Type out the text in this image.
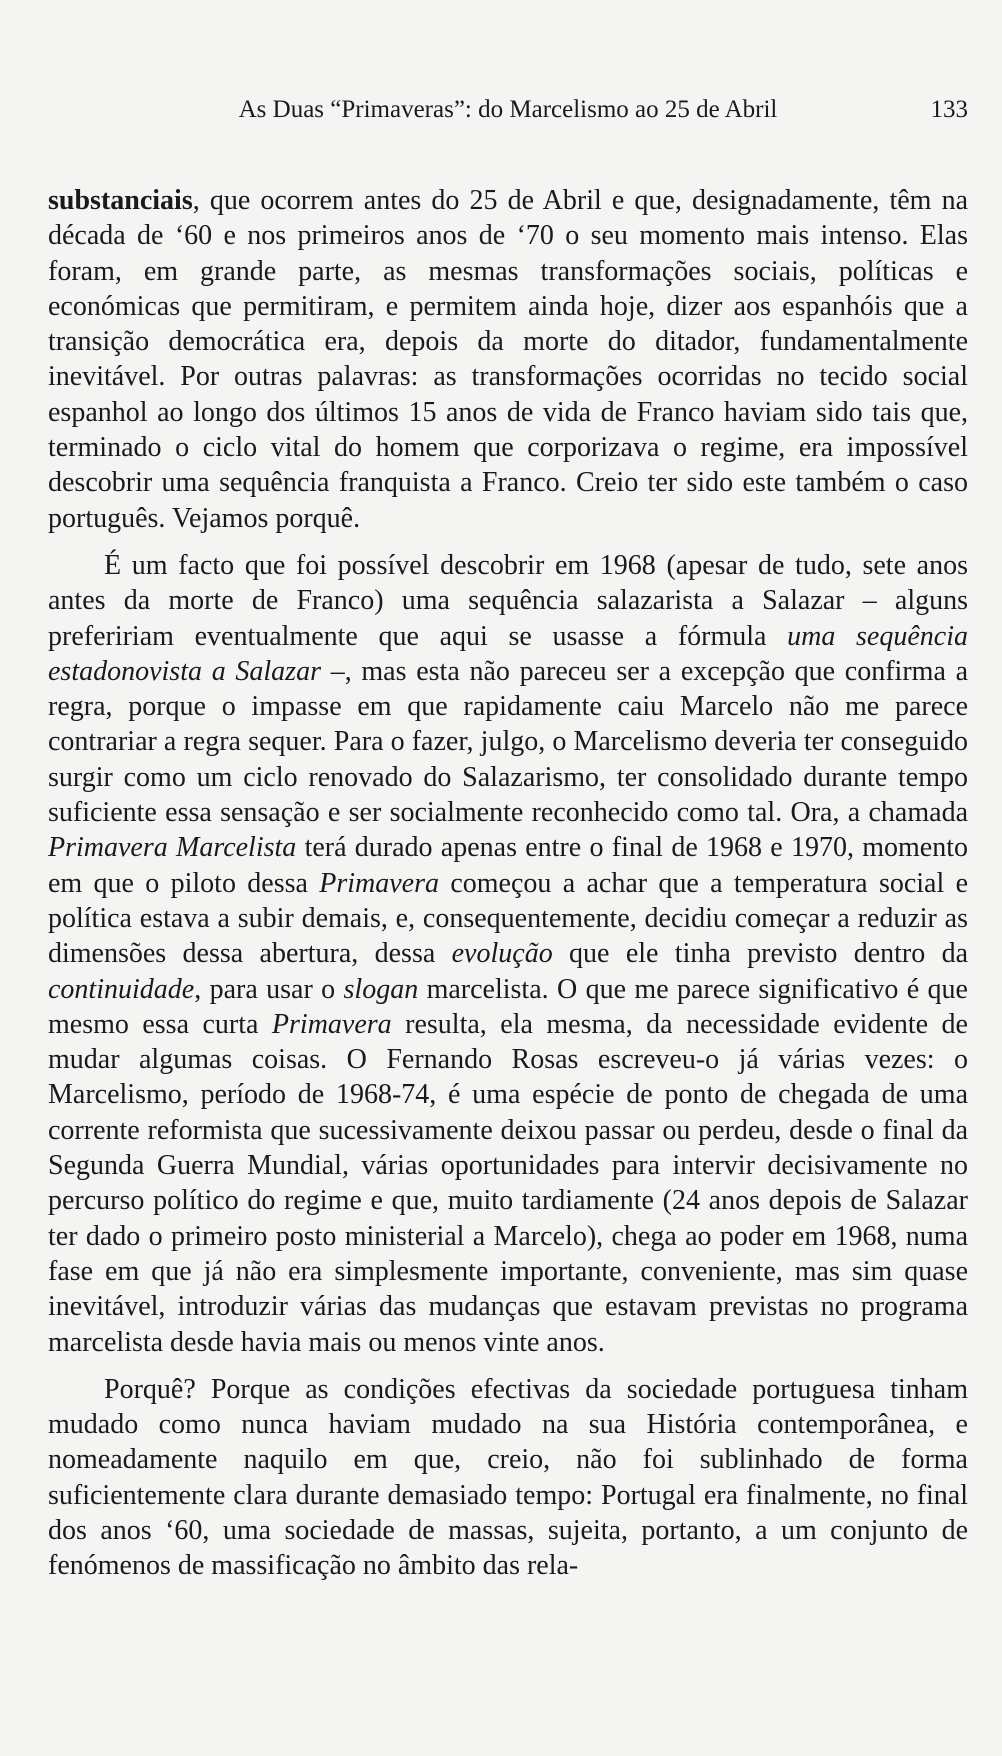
As Duas “Primaveras”: do Marcelismo ao 25 de Abril	133

substanciais, que ocorrem antes do 25 de Abril e que, designadamente, têm na década de ‘60 e nos primeiros anos de ‘70 o seu momento mais intenso. Elas foram, em grande parte, as mesmas transformações sociais, políticas e económicas que permitiram, e permitem ainda hoje, dizer aos espanhóis que a transição democrática era, depois da morte do ditador, fundamentalmente inevitável. Por outras palavras: as transformações ocorridas no tecido social espanhol ao longo dos últimos 15 anos de vida de Franco haviam sido tais que, terminado o ciclo vital do homem que corporizava o regime, era impossível descobrir uma sequência franquista a Franco. Creio ter sido este também o caso português. Vejamos porquê.

É um facto que foi possível descobrir em 1968 (apesar de tudo, sete anos antes da morte de Franco) uma sequência salazarista a Salazar – alguns prefeririam eventualmente que aqui se usasse a fórmula uma sequência estadonovista a Salazar –, mas esta não pareceu ser a excepção que confirma a regra, porque o impasse em que rapidamente caiu Marcelo não me parece contrariar a regra sequer. Para o fazer, julgo, o Marcelismo deveria ter conseguido surgir como um ciclo renovado do Salazarismo, ter consolidado durante tempo suficiente essa sensação e ser socialmente reconhecido como tal. Ora, a chamada Primavera Marcelista terá durado apenas entre o final de 1968 e 1970, momento em que o piloto dessa Primavera começou a achar que a temperatura social e política estava a subir demais, e, consequentemente, decidiu começar a reduzir as dimensões dessa abertura, dessa evolução que ele tinha previsto dentro da continuidade, para usar o slogan marcelista. O que me parece significativo é que mesmo essa curta Primavera resulta, ela mesma, da necessidade evidente de mudar algumas coisas. O Fernando Rosas escreveu-o já várias vezes: o Marcelismo, período de 1968-74, é uma espécie de ponto de chegada de uma corrente reformista que sucessivamente deixou passar ou perdeu, desde o final da Segunda Guerra Mundial, várias oportunidades para intervir decisivamente no percurso político do regime e que, muito tardiamente (24 anos depois de Salazar ter dado o primeiro posto ministerial a Marcelo), chega ao poder em 1968, numa fase em que já não era simplesmente importante, conveniente, mas sim quase inevitável, introduzir várias das mudanças que estavam previstas no programa marcelista desde havia mais ou menos vinte anos.

Porquê? Porque as condições efectivas da sociedade portuguesa tinham mudado como nunca haviam mudado na sua História contemporânea, e nomeadamente naquilo em que, creio, não foi sublinhado de forma suficientemente clara durante demasiado tempo: Portugal era finalmente, no final dos anos ‘60, uma sociedade de massas, sujeita, portanto, a um conjunto de fenómenos de massificação no âmbito das rela-
